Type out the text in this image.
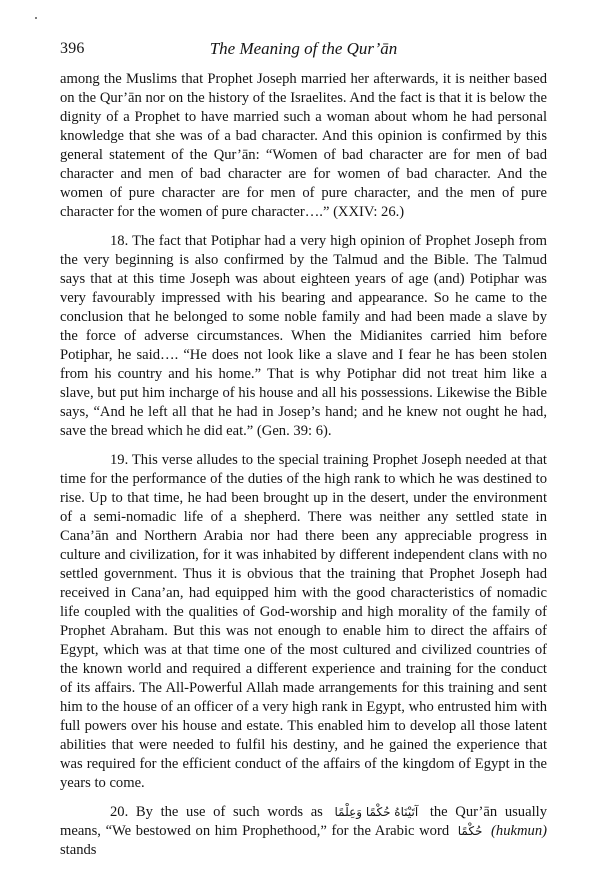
396	The Meaning of the Qur’ān

among the Muslims that Prophet Joseph married her afterwards, it is neither based on the Qur’ān nor on the history of the Israelites. And the fact is that it is below the dignity of a Prophet to have married such a woman about whom he had personal knowledge that she was of a bad character. And this opinion is confirmed by this general statement of the Qur’ān: “Women of bad character are for men of bad character and men of bad character are for women of bad character. And the women of pure character are for men of pure character, and the men of pure character for the women of pure character….” (XXIV: 26.)

18. The fact that Potiphar had a very high opinion of Prophet Joseph from the very beginning is also confirmed by the Talmud and the Bible. The Talmud says that at this time Joseph was about eighteen years of age (and) Potiphar was very favourably impressed with his bearing and appearance. So he came to the conclusion that he belonged to some noble family and had been made a slave by the force of adverse circumstances. When the Midianites carried him before Potiphar, he said…. “He does not look like a slave and I fear he has been stolen from his country and his home.” That is why Potiphar did not treat him like a slave, but put him incharge of his house and all his possessions. Likewise the Bible says, “And he left all that he had in Josep’s hand; and he knew not ought he had, save the bread which he did eat.” (Gen. 39: 6).

19. This verse alludes to the special training Prophet Joseph needed at that time for the performance of the duties of the high rank to which he was destined to rise. Up to that time, he had been brought up in the desert, under the environment of a semi-nomadic life of a shepherd. There was neither any settled state in Cana’ān and Northern Arabia nor had there been any appreciable progress in culture and civilization, for it was inhabited by different independent clans with no settled government. Thus it is obvious that the training that Prophet Joseph had received in Cana’an, had equipped him with the good characteristics of nomadic life coupled with the qualities of God-worship and high morality of the family of Prophet Abraham. But this was not enough to enable him to direct the affairs of Egypt, which was at that time one of the most cultured and civilized countries of the known world and required a different experience and training for the conduct of its affairs. The All-Powerful Allah made arrangements for this training and sent him to the house of an officer of a very high rank in Egypt, who entrusted him with full powers over his house and estate. This enabled him to develop all those latent abilities that were needed to fulfil his destiny, and he gained the experience that was required for the efficient conduct of the affairs of the kingdom of Egypt in the years to come.

20. By the use of such words as آتَيْنَاهُ حُكْمًا وَعِلْمًا the Qur’ān usually means, “We bestowed on him Prophethood,” for the Arabic word حُكْمًا (hukmun) stands
